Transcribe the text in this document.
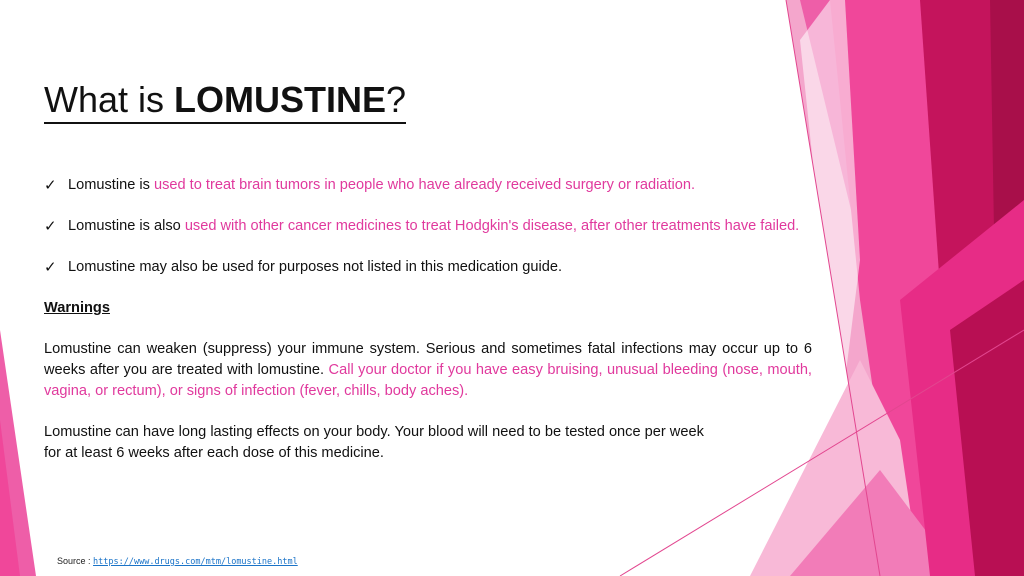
What is LOMUSTINE?
✓ Lomustine is used to treat brain tumors in people who have already received surgery or radiation.
✓ Lomustine is also used with other cancer medicines to treat Hodgkin's disease, after other treatments have failed.
✓ Lomustine may also be used for purposes not listed in this medication guide.
Warnings
Lomustine can weaken (suppress) your immune system. Serious and sometimes fatal infections may occur up to 6 weeks after you are treated with lomustine. Call your doctor if you have easy bruising, unusual bleeding (nose, mouth, vagina, or rectum), or signs of infection (fever, chills, body aches).
Lomustine can have long lasting effects on your body. Your blood will need to be tested once per week for at least 6 weeks after each dose of this medicine.
Source : https://www.drugs.com/mtm/lomustine.html
